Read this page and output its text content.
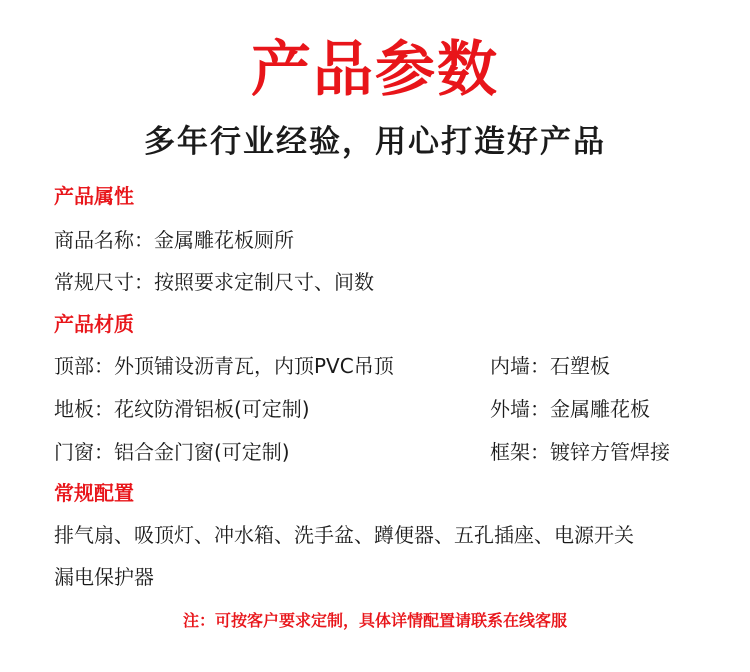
产品参数
多年行业经验，用心打造好产品
产品属性
商品名称：金属雕花板厕所
常规尺寸：按照要求定制尺寸、间数
产品材质
顶部：外顶铺设沥青瓦，内顶PVC吊顶	内墙：石塑板
地板：花纹防滑铝板(可定制)	外墙：金属雕花板
门窗：铝合金门窗(可定制)	框架：镀锌方管焊接
常规配置
排气扇、吸顶灯、冲水箱、洗手盆、蹲便器、五孔插座、电源开关
漏电保护器
注：可按客户要求定制，具体详情配置请联系在线客服
